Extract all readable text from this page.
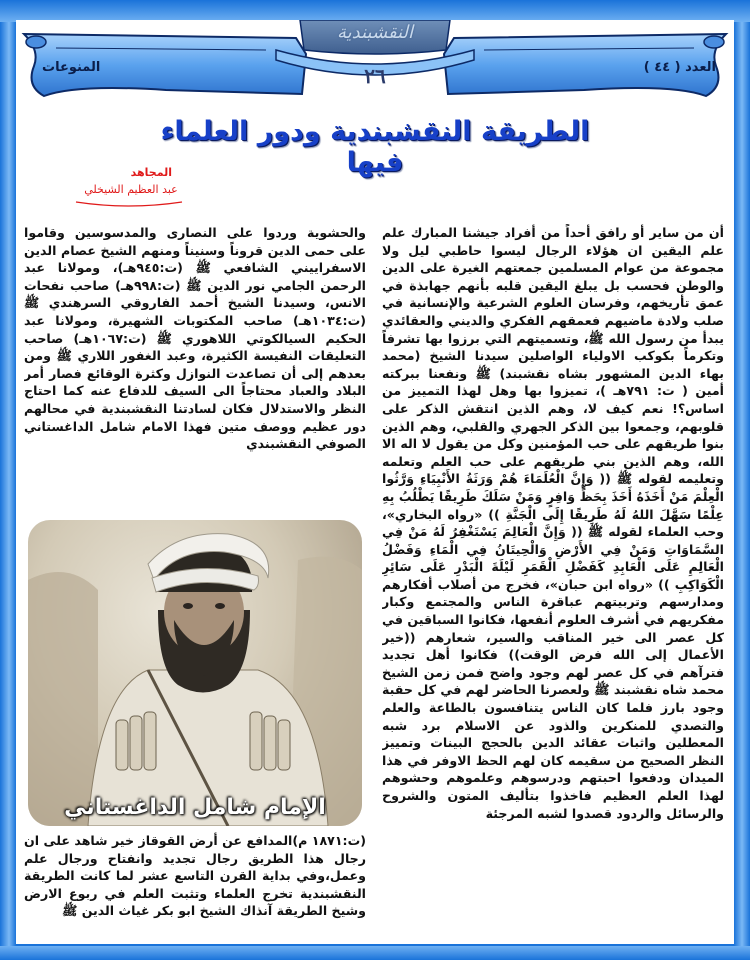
النقشبندية
العدد ( ٤٤ )
المنوعات	٢٦
الطريقة النقشبندية ودور العلماء فيها
المجاهد
عبد العظيم الشيخلي

أن من ساير أو رافق أحداً من أفراد جيشنا المبارك علم علم اليقين ان هؤلاء الرجال ليسوا حاطبي ليل ولا مجموعة من عوام المسلمين جمعتهم الغيرة على الدين والوطن فحسب بل يبلغ اليقين قلبه بأنهم جهابذة في عمق تأريخهم، وفرسان العلوم الشرعية والإنسانية في صلب ولادة ماضيهم فعمقهم الفكري والديني والعقائدي يبدأ من رسول الله ﷺ، وتسميتهم التي برزوا بها تشرفاً وتكرماً بكوكب الاولياء الواصلين سيدنا الشيخ (محمد بهاء الدين المشهور بشاه نقشبند) ﷺ ونفعنا ببركته أمين ( ت: ٧٩١هـ )، تميزوا بها وهل لهذا التمييز من اساس؟! نعم كيف لا، وهم الذين انتقش الذكر على قلوبهم، وجمعوا بين الذكر الجهري والقلبي، وهم الذين بنوا طريقهم على حب المؤمنين وكل من يقول لا اله الا الله، وهم الذين بني طريقهم على حب العلم وتعلمه وتعليمه لقوله ﷺ (( وَإِنَّ الْعُلَمَاءَ هُمْ وَرَثَةُ الأَنْبِيَاءِ وَرَّثُوا الْعِلْمَ مَنْ أَخَذَهُ أَخَذَ بِحَظٍّ وَافِرٍ وَمَنْ سَلَكَ طَرِيقًا يَطْلُبُ بِهِ عِلْمًا سَهَّلَ اللهُ لَهُ طَرِيقًا إِلَى الْجَنَّةِ )) «رواه البخاري»، وحب العلماء لقوله ﷺ (( وَإِنَّ الْعَالِمَ يَسْتَغْفِرُ لَهُ مَنْ فِي السَّمَاوَاتِ وَمَنْ فِي الأَرْضِ وَالْحِيتَانُ فِي الْمَاءِ وَفَضْلُ الْعَالِمِ عَلَى الْعَابِدِ كَفَضْلِ الْقَمَرِ لَيْلَةَ الْبَدْرِ عَلَى سَائِرِ الْكَوَاكِبِ )) «رواه ابن حبان»، فخرج من أصلاب أفكارهم ومدارسهم وتربيتهم عباقرة الناس والمجتمع وكبار مفكريهم في أشرف العلوم أنفعها، فكانوا السباقين في كل عصر الى خير المناقب والسير، شعارهم ((خير الأعمال إلى الله فرض الوقت)) فكانوا أهل تجديد فترآهم في كل عصر لهم وجود واضح فمن زمن الشيخ محمد شاه نقشبند ﷺ ولعصرنا الحاضر لهم في كل حقبة وجود بارز فلما كان الناس يتنافسون بالطاعة والعلم والتصدي للمنكرين والذود عن الاسلام برد شبه المعطلين واثبات عقائد الدين بالحجج البينات وتمييز النظر الصحيح من سقيمه كان لهم الحظ الاوفر في هذا الميدان ودفعوا احبتهم ودرسوهم وعلموهم وحشوهم لهذا العلم العظيم فاخذوا بتأليف المتون والشروح والرسائل والردود قصدوا لشبه المرجئة

والحشوية وردوا على النصارى والمدسوسين وقاموا على حمى الدين قروناً وسنيناً ومنهم الشيخ عصام الدين الاسفراييني الشافعي ﷺ (ت:٩٤٥هـ)، ومولانا عبد الرحمن الجامي نور الدين ﷺ (ت:٩٩٨هـ) صاحب نفحات الانس، وسيدنا الشيخ أحمد الفاروقي السرهندي ﷺ (ت:١٠٣٤هـ) صاحب المكتوبات الشهيرة، ومولانا عبد الحكيم السيالكوتي اللاهوري ﷺ (ت:١٠٦٧هـ) صاحب التعليقات النفيسة الكثيرة، وعبد الغفور اللاري ﷺ ومن بعدهم إلى أن تصاعدت النوازل وكثرة الوقائع فصار أمر البلاد والعباد محتاجاً الى السيف للدفاع عنه كما احتاج النظر والاستدلال فكان لسادتنا النقشبندية في محالهم دور عظيم ووصف متين فهذا الامام شامل الداغستاني الصوفي النقشبندي

الإمام شامل الداغستاني

(ت:١٨٧١ م)المدافع عن أرض القوقاز خير شاهد على ان رجال هذا الطريق رجال تجديد وانفتاح ورجال علم وعمل،وفي بداية القرن التاسع عشر لما كانت الطريقة النقشبندية تخرج العلماء وتثبت العلم في ربوع الارض وشيخ الطريقة آنذاك الشيخ ابو بكر غياث الدين ﷺ
